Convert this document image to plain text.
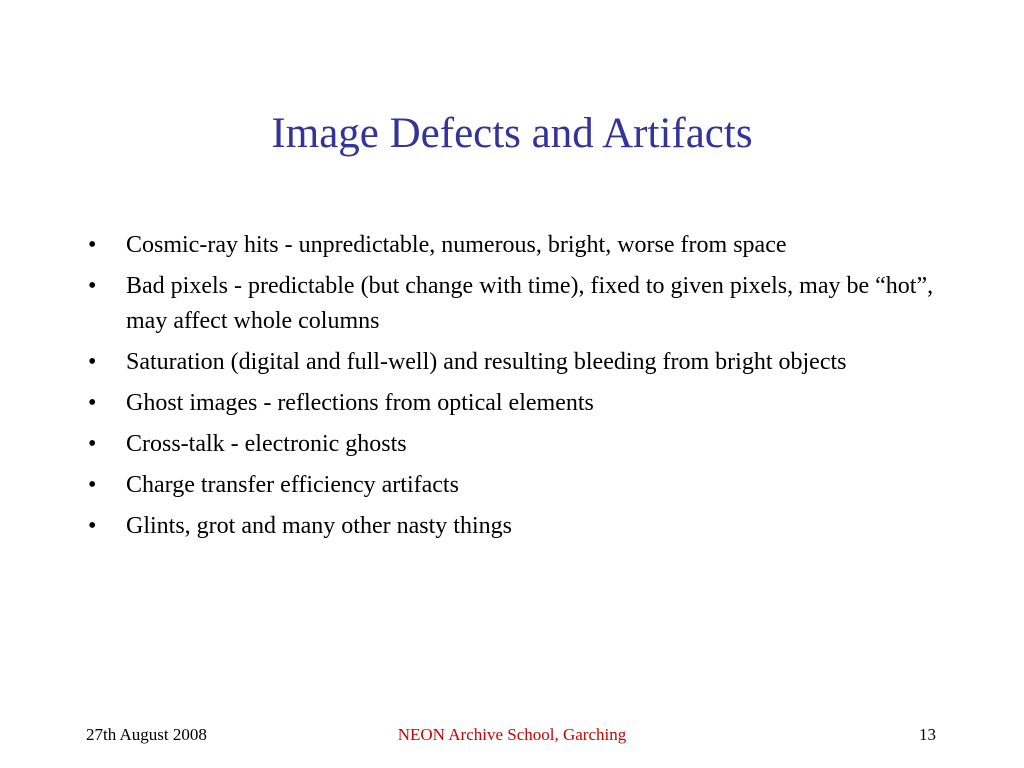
Image Defects and Artifacts
•	Cosmic-ray hits - unpredictable, numerous, bright, worse from space
•	Bad pixels - predictable (but change with time), fixed to given pixels, may be “hot”, may affect whole columns
•	Saturation (digital and full-well) and resulting bleeding from bright objects
•	Ghost images - reflections from optical elements
•	Cross-talk - electronic ghosts
•	Charge transfer efficiency artifacts
•	Glints, grot and many other nasty things
27th August 2008	NEON Archive School, Garching	13
